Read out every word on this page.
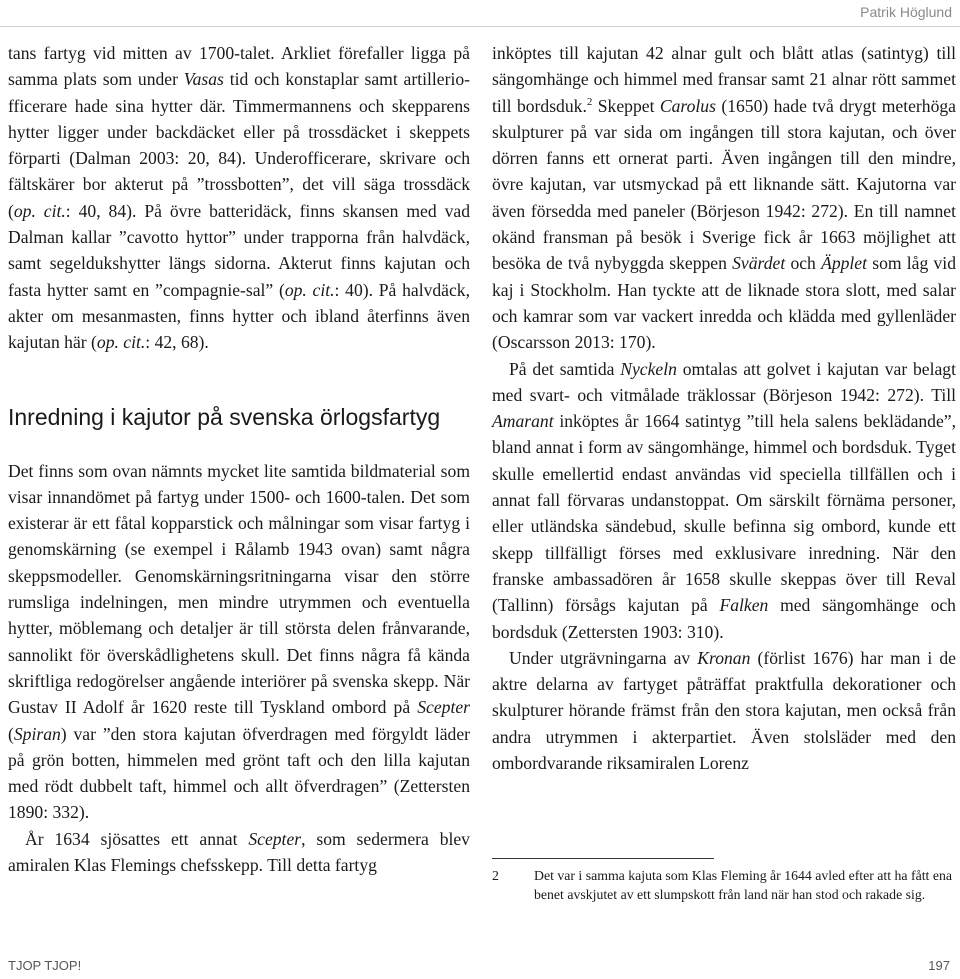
Patrik Höglund

tans fartyg vid mitten av 1700-talet. Arkliet förefaller ligga på samma plats som under Vasas tid och konstaplar samt artilleriofficerare hade sina hytter där. Timmermannens och skepparens hytter ligger under backdäcket eller på trossdäcket i skeppets förparti (Dalman 2003: 20, 84). Underofficerare, skrivare och fältskärer bor akterut på ”trossbotten”, det vill säga trossdäck (op. cit.: 40, 84). På övre batteridäck, finns skansen med vad Dalman kallar ”cavotto hyttor” under trapporna från halvdäck, samt segeldukshytter längs sidorna. Akterut finns kajutan och fasta hytter samt en ”compagnie-sal” (op. cit.: 40). På halvdäck, akter om mesanmasten, finns hytter och ibland återfinns även kajutan här (op. cit.: 42, 68).

Inredning i kajutor på svenska örlogsfartyg

Det finns som ovan nämnts mycket lite samtida bildmaterial som visar innandömet på fartyg under 1500- och 1600-talen. Det som existerar är ett fåtal kopparstick och målningar som visar fartyg i genomskärning (se exempel i Rålamb 1943 ovan) samt några skeppsmodeller. Genomskärningsritningarna visar den större rumsliga indelningen, men mindre utrymmen och eventuella hytter, möblemang och detaljer är till största delen frånvarande, sannolikt för överskådlighetens skull. Det finns några få kända skriftliga redogörelser angående interiörer på svenska skepp. När Gustav II Adolf år 1620 reste till Tyskland ombord på Scepter (Spiran) var ”den stora kajutan öfverdragen med förgyldt läder på grön botten, himmelen med grönt taft och den lilla kajutan med rödt dubbelt taft, himmel och allt öfverdragen” (Zettersten 1890: 332).

År 1634 sjösattes ett annat Scepter, som sedermera blev amiralen Klas Flemings chefsskepp. Till detta fartyg

inköptes till kajutan 42 alnar gult och blått atlas (satintyg) till sängomhänge och himmel med fransar samt 21 alnar rött sammet till bordsduk.$^2$ Skeppet Carolus (1650) hade två drygt meterhöga skulpturer på var sida om ingången till stora kajutan, och över dörren fanns ett ornerat parti. Även ingången till den mindre, övre kajutan, var utsmyckad på ett liknande sätt. Kajutorna var även försedda med paneler (Börjeson 1942: 272). En till namnet okänd fransman på besök i Sverige fick år 1663 möjlighet att besöka de två nybyggda skeppen Svärdet och Äpplet som låg vid kaj i Stockholm. Han tyckte att de liknade stora slott, med salar och kamrar som var vackert inredda och klädda med gyllenläder (Oscarsson 2013: 170).

På det samtida Nyckeln omtalas att golvet i kajutan var belagt med svart- och vitmålade träklossar (Börjeson 1942: 272). Till Amarant inköptes år 1664 satintyg ”till hela salens beklädande”, bland annat i form av sängomhänge, himmel och bordsduk. Tyget skulle emellertid endast användas vid speciella tillfällen och i annat fall förvaras undanstoppat. Om särskilt förnäma personer, eller utländska sändebud, skulle befinna sig ombord, kunde ett skepp tillfälligt förses med exklusivare inredning. När den franske ambassadören år 1658 skulle skeppas över till Reval (Tallinn) försågs kajutan på Falken med sängomhänge och bordsduk (Zettersten 1903: 310).

Under utgrävningarna av Kronan (förlist 1676) har man i de aktre delarna av fartyget påträffat praktfulla dekorationer och skulpturer hörande främst från den stora kajutan, men också från andra utrymmen i akterpartiet. Även stolsläder med den ombordvarande riksamiralen Lorenz

2	Det var i samma kajuta som Klas Fleming år 1644 avled efter att ha fått ena benet avskjutet av ett slumpskott från land när han stod och rakade sig.
TJOP TJOP!	197
